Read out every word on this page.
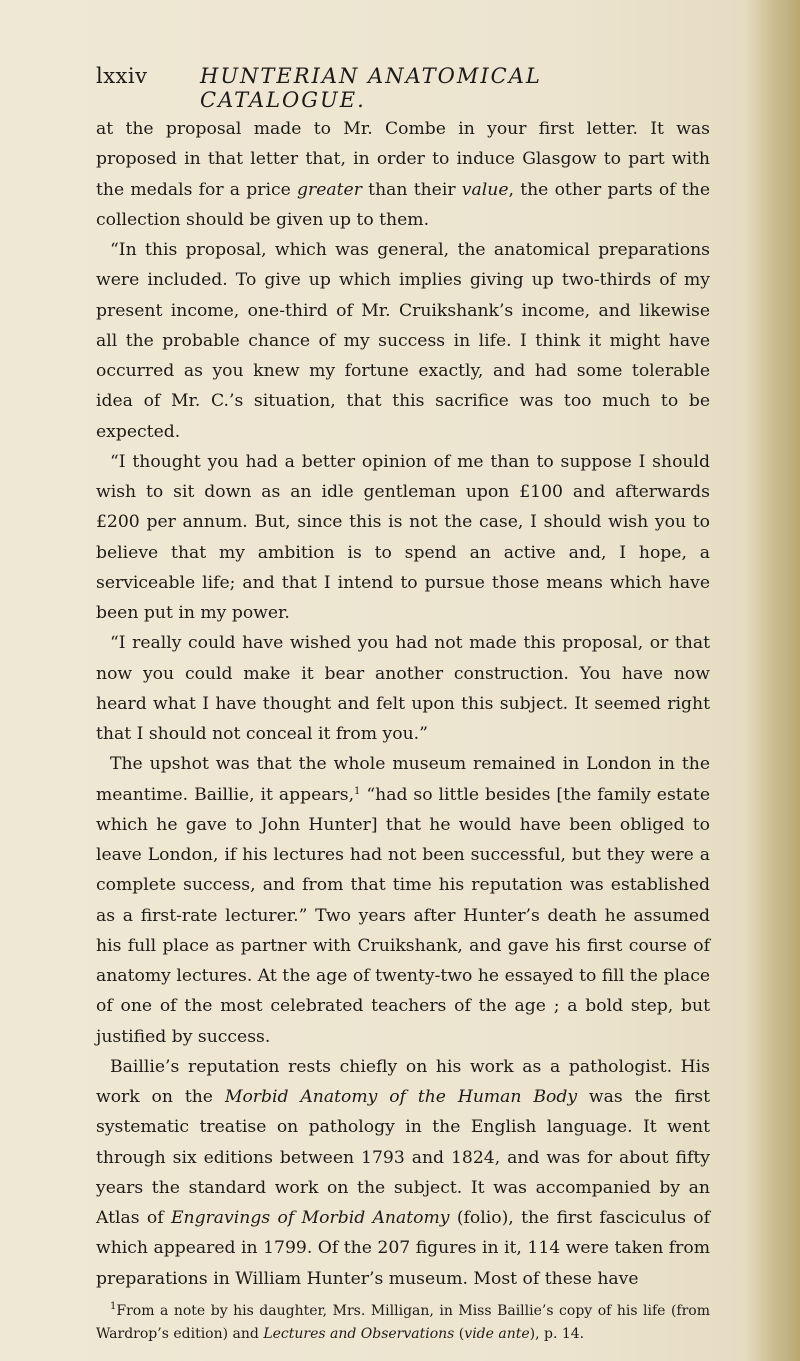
lxxiv	HUNTERIAN ANATOMICAL CATALOGUE.

at the proposal made to Mr. Combe in your first letter. It was proposed in that letter that, in order to induce Glasgow to part with the medals for a price greater than their value, the other parts of the collection should be given up to them.

“In this proposal, which was general, the anatomical preparations were included. To give up which implies giving up two-thirds of my present income, one-third of Mr. Cruikshank’s income, and likewise all the probable chance of my success in life. I think it might have occurred as you knew my fortune exactly, and had some tolerable idea of Mr. C.’s situation, that this sacrifice was too much to be expected.

“I thought you had a better opinion of me than to suppose I should wish to sit down as an idle gentleman upon £100 and afterwards £200 per annum. But, since this is not the case, I should wish you to believe that my ambition is to spend an active and, I hope, a serviceable life; and that I intend to pursue those means which have been put in my power.

“I really could have wished you had not made this proposal, or that now you could make it bear another construction. You have now heard what I have thought and felt upon this subject. It seemed right that I should not conceal it from you.”

The upshot was that the whole museum remained in London in the meantime. Baillie, it appears,$^1$ “had so little besides [the family estate which he gave to John Hunter] that he would have been obliged to leave London, if his lectures had not been successful, but they were a complete success, and from that time his reputation was established as a first-rate lecturer.” Two years after Hunter’s death he assumed his full place as partner with Cruikshank, and gave his first course of anatomy lectures. At the age of twenty-two he essayed to fill the place of one of the most celebrated teachers of the age ; a bold step, but justified by success.

Baillie’s reputation rests chiefly on his work as a pathologist. His work on the Morbid Anatomy of the Human Body was the first systematic treatise on pathology in the English language. It went through six editions between 1793 and 1824, and was for about fifty years the standard work on the subject. It was accompanied by an Atlas of Engravings of Morbid Anatomy (folio), the first fasciculus of which appeared in 1799. Of the 207 figures in it, 114 were taken from preparations in William Hunter’s museum. Most of these have

$^1$From a note by his daughter, Mrs. Milligan, in Miss Baillie’s copy of his life (from Wardrop’s edition) and Lectures and Observations (vide ante), p. 14.
